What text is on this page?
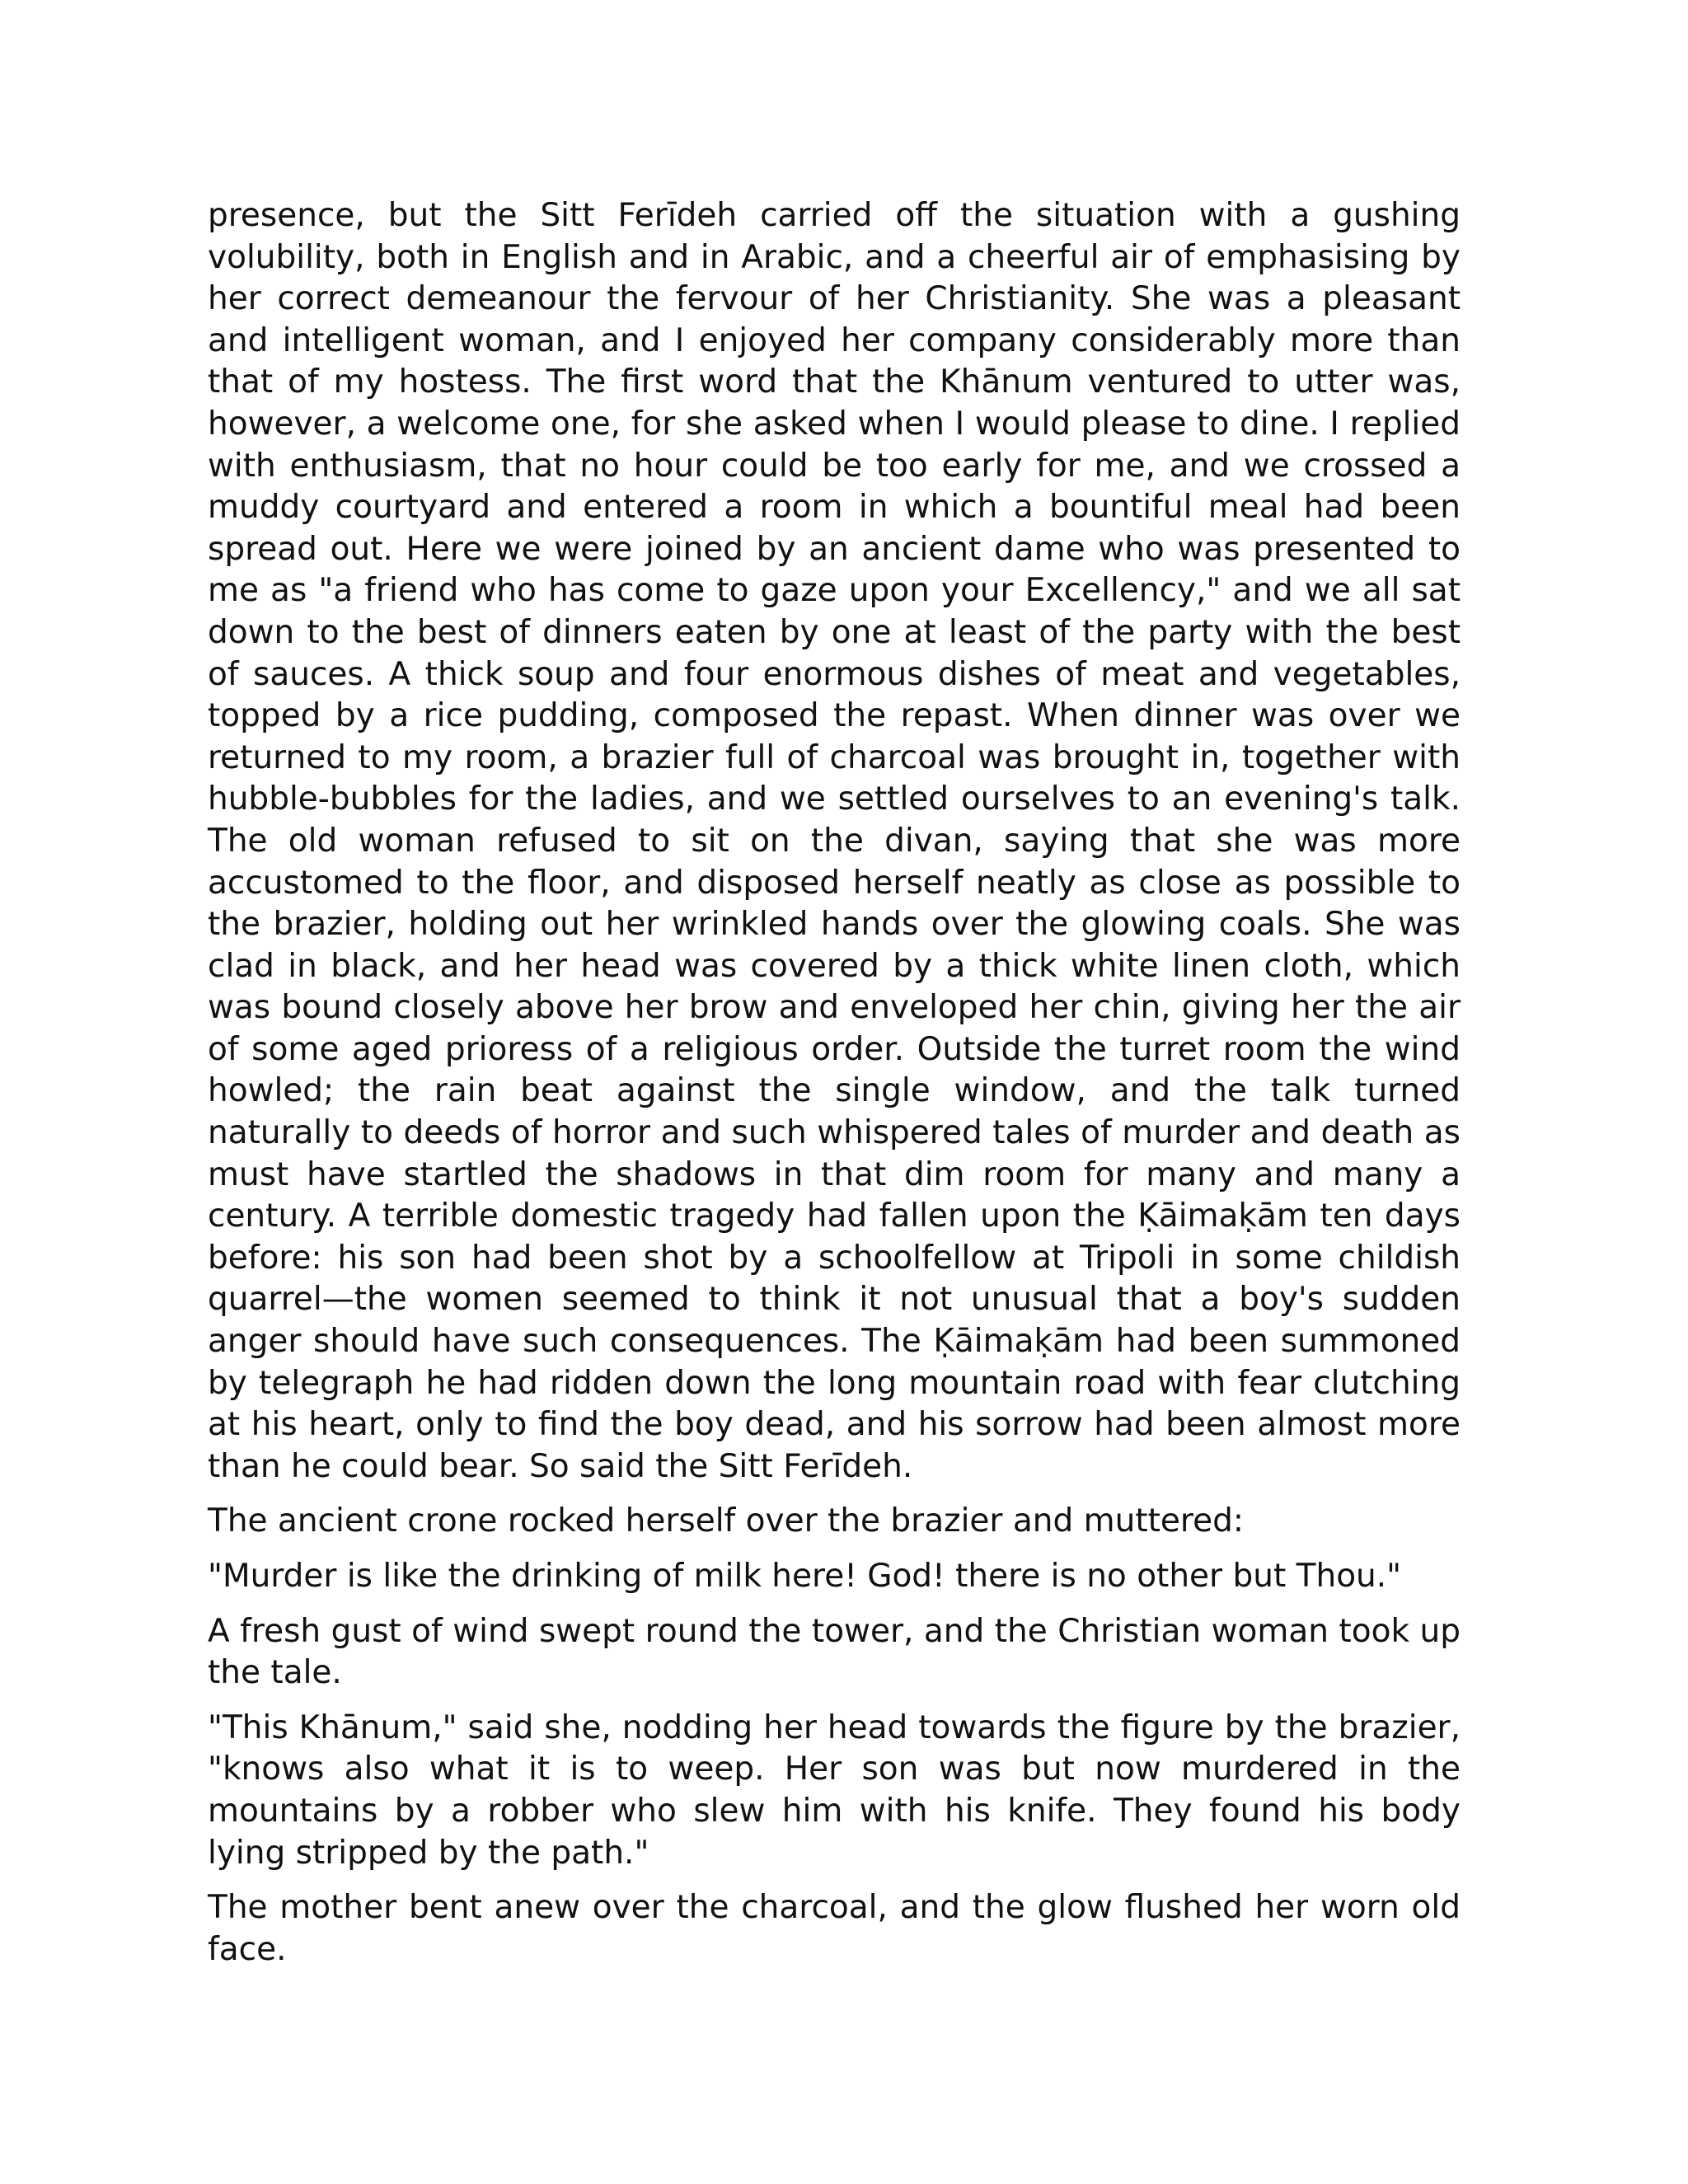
presence, but the Sitt Ferīdeh carried off the situation with a gushing volubility, both in English and in Arabic, and a cheerful air of emphasising by her correct demeanour the fervour of her Christianity. She was a pleasant and intelligent woman, and I enjoyed her company considerably more than that of my hostess. The first word that the Khānum ventured to utter was, however, a welcome one, for she asked when I would please to dine. I replied with enthusiasm, that no hour could be too early for me, and we crossed a muddy courtyard and entered a room in which a bountiful meal had been spread out. Here we were joined by an ancient dame who was presented to me as "a friend who has come to gaze upon your Excellency," and we all sat down to the best of dinners eaten by one at least of the party with the best of sauces. A thick soup and four enormous dishes of meat and vegetables, topped by a rice pudding, composed the repast. When dinner was over we returned to my room, a brazier full of charcoal was brought in, together with hubble-bubbles for the ladies, and we settled ourselves to an evening's talk. The old woman refused to sit on the divan, saying that she was more accustomed to the floor, and disposed herself neatly as close as possible to the brazier, holding out her wrinkled hands over the glowing coals. She was clad in black, and her head was covered by a thick white linen cloth, which was bound closely above her brow and enveloped her chin, giving her the air of some aged prioress of a religious order. Outside the turret room the wind howled; the rain beat against the single window, and the talk turned naturally to deeds of horror and such whispered tales of murder and death as must have startled the shadows in that dim room for many and many a century. A terrible domestic tragedy had fallen upon the Ḳāimaḳām ten days before: his son had been shot by a schoolfellow at Tripoli in some childish quarrel—the women seemed to think it not unusual that a boy's sudden anger should have such consequences. The Ḳāimaḳām had been summoned by telegraph he had ridden down the long mountain road with fear clutching at his heart, only to find the boy dead, and his sorrow had been almost more than he could bear. So said the Sitt Ferīdeh.

The ancient crone rocked herself over the brazier and muttered:

"Murder is like the drinking of milk here! God! there is no other but Thou."

A fresh gust of wind swept round the tower, and the Christian woman took up the tale.

"This Khānum," said she, nodding her head towards the figure by the brazier, "knows also what it is to weep. Her son was but now murdered in the mountains by a robber who slew him with his knife. They found his body lying stripped by the path."

The mother bent anew over the charcoal, and the glow flushed her worn old face.
